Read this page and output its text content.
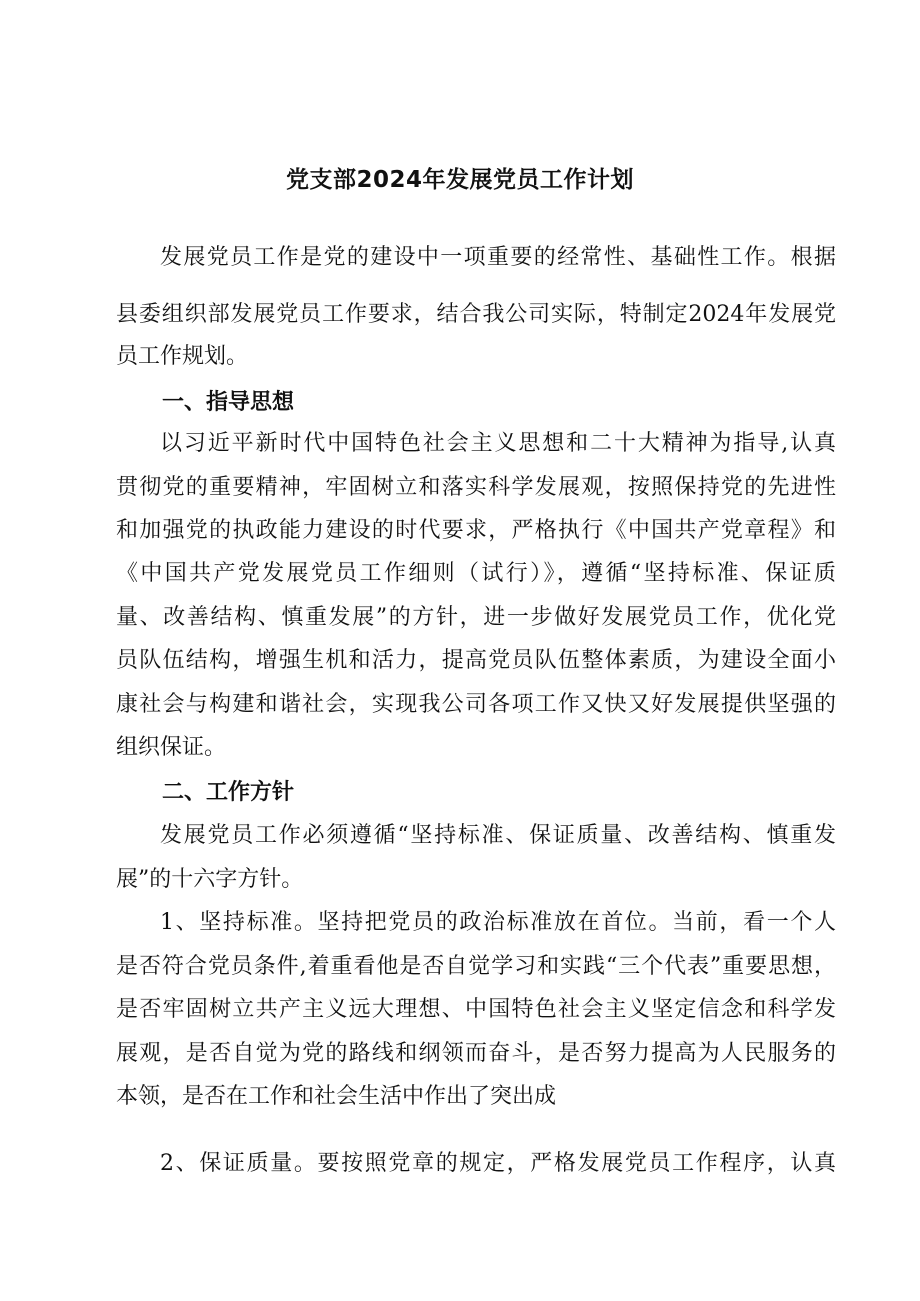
党支部2024年发展党员工作计划
发展党员工作是党的建设中一项重要的经常性、基础性工作。根据
县委组织部发展党员工作要求，结合我公司实际，特制定2024年发展党
员工作规划。
一、指导思想
以习近平新时代中国特色社会主义思想和二十大精神为指导,认真
贯彻党的重要精神，牢固树立和落实科学发展观，按照保持党的先进性
和加强党的执政能力建设的时代要求，严格执行《中国共产党章程》和
《中国共产党发展党员工作细则（试行）》，遵循“坚持标准、保证质
量、改善结构、慎重发展”的方针，进一步做好发展党员工作，优化党
员队伍结构，增强生机和活力，提高党员队伍整体素质，为建设全面小
康社会与构建和谐社会，实现我公司各项工作又快又好发展提供坚强的
组织保证。
二、工作方针
发展党员工作必须遵循“坚持标准、保证质量、改善结构、慎重发
展”的十六字方针。
1、坚持标准。坚持把党员的政治标准放在首位。当前，看一个人
是否符合党员条件,着重看他是否自觉学习和实践“三个代表”重要思想，
是否牢固树立共产主义远大理想、中国特色社会主义坚定信念和科学发
展观，是否自觉为党的路线和纲领而奋斗，是否努力提高为人民服务的
本领，是否在工作和社会生活中作出了突出成
2、保证质量。要按照党章的规定，严格发展党员工作程序，认真
